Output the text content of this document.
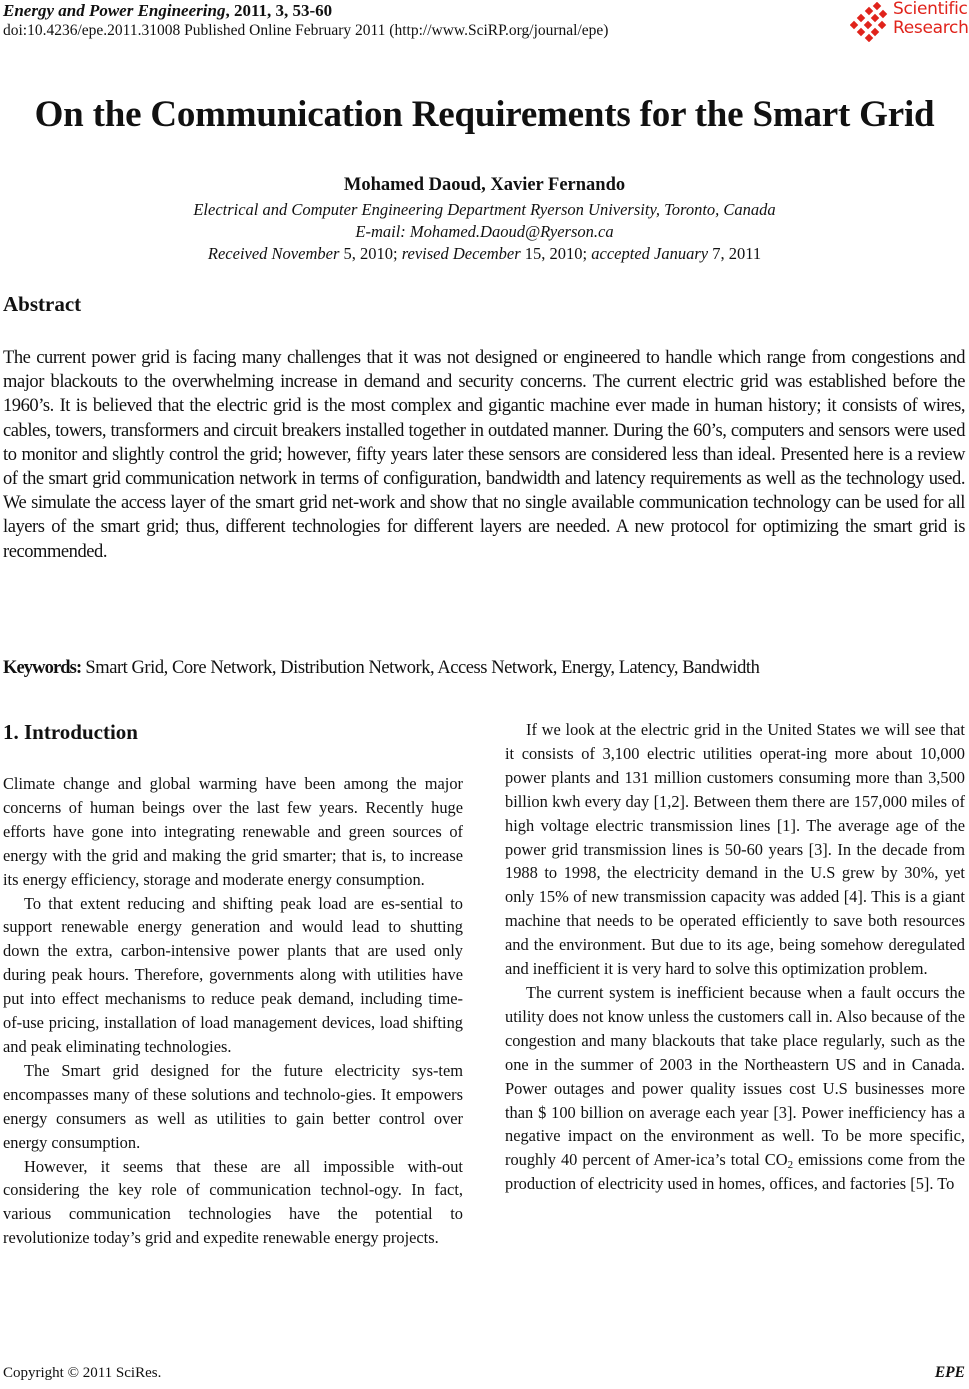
Energy and Power Engineering, 2011, 3, 53-60
doi:10.4236/epe.2011.31008 Published Online February 2011 (http://www.SciRP.org/journal/epe)
Scientific
Research
On the Communication Requirements for the Smart Grid
Mohamed Daoud, Xavier Fernando
Electrical and Computer Engineering Department Ryerson University, Toronto, Canada
E-mail: Mohamed.Daoud@Ryerson.ca
Received November 5, 2010; revised December 15, 2010; accepted January 7, 2011
Abstract
The current power grid is facing many challenges that it was not designed or engineered to handle which range from congestions and major blackouts to the overwhelming increase in demand and security concerns. The current electric grid was established before the 1960’s. It is believed that the electric grid is the most complex and gigantic machine ever made in human history; it consists of wires, cables, towers, transformers and circuit breakers installed together in outdated manner. During the 60’s, computers and sensors were used to monitor and slightly control the grid; however, fifty years later these sensors are considered less than ideal. Presented here is a review of the smart grid communication network in terms of configuration, bandwidth and latency requirements as well as the technology used. We simulate the access layer of the smart grid net-work and show that no single available communication technology can be used for all layers of the smart grid; thus, different technologies for different layers are needed. A new protocol for optimizing the smart grid is recommended.
Keywords: Smart Grid, Core Network, Distribution Network, Access Network, Energy, Latency, Bandwidth
1. Introduction

Climate change and global warming have been among the major concerns of human beings over the last few years. Recently huge efforts have gone into integrating renewable and green sources of energy with the grid and making the grid smarter; that is, to increase its energy efficiency, storage and moderate energy consumption.

To that extent reducing and shifting peak load are es-sential to support renewable energy generation and would lead to shutting down the extra, carbon-intensive power plants that are used only during peak hours. Therefore, governments along with utilities have put into effect mechanisms to reduce peak demand, including time-of-use pricing, installation of load management devices, load shifting and peak eliminating technologies.

The Smart grid designed for the future electricity sys-tem encompasses many of these solutions and technolo-gies. It empowers energy consumers as well as utilities to gain better control over energy consumption.

However, it seems that these are all impossible with-out considering the key role of communication technol-ogy. In fact, various communication technologies have the potential to revolutionize today’s grid and expedite renewable energy projects.

If we look at the electric grid in the United States we will see that it consists of 3,100 electric utilities operat-ing more about 10,000 power plants and 131 million customers consuming more than 3,500 billion kwh every day [1,2]. Between them there are 157,000 miles of high voltage electric transmission lines [1]. The average age of the power grid transmission lines is 50-60 years [3]. In the decade from 1988 to 1998, the electricity demand in the U.S grew by 30%, yet only 15% of new transmission capacity was added [4]. This is a giant machine that needs to be operated efficiently to save both resources and the environment. But due to its age, being somehow deregulated and inefficient it is very hard to solve this optimization problem.

The current system is inefficient because when a fault occurs the utility does not know unless the customers call in. Also because of the congestion and many blackouts that take place regularly, such as the one in the summer of 2003 in the Northeastern US and in Canada. Power outages and power quality issues cost U.S businesses more than $ 100 billion on average each year [3]. Power inefficiency has a negative impact on the environment as well. To be more specific, roughly 40 percent of Amer-ica’s total $CO_2$ emissions come from the production of electricity used in homes, offices, and factories [5]. To

Copyright © 2011 SciRes.	EPE
